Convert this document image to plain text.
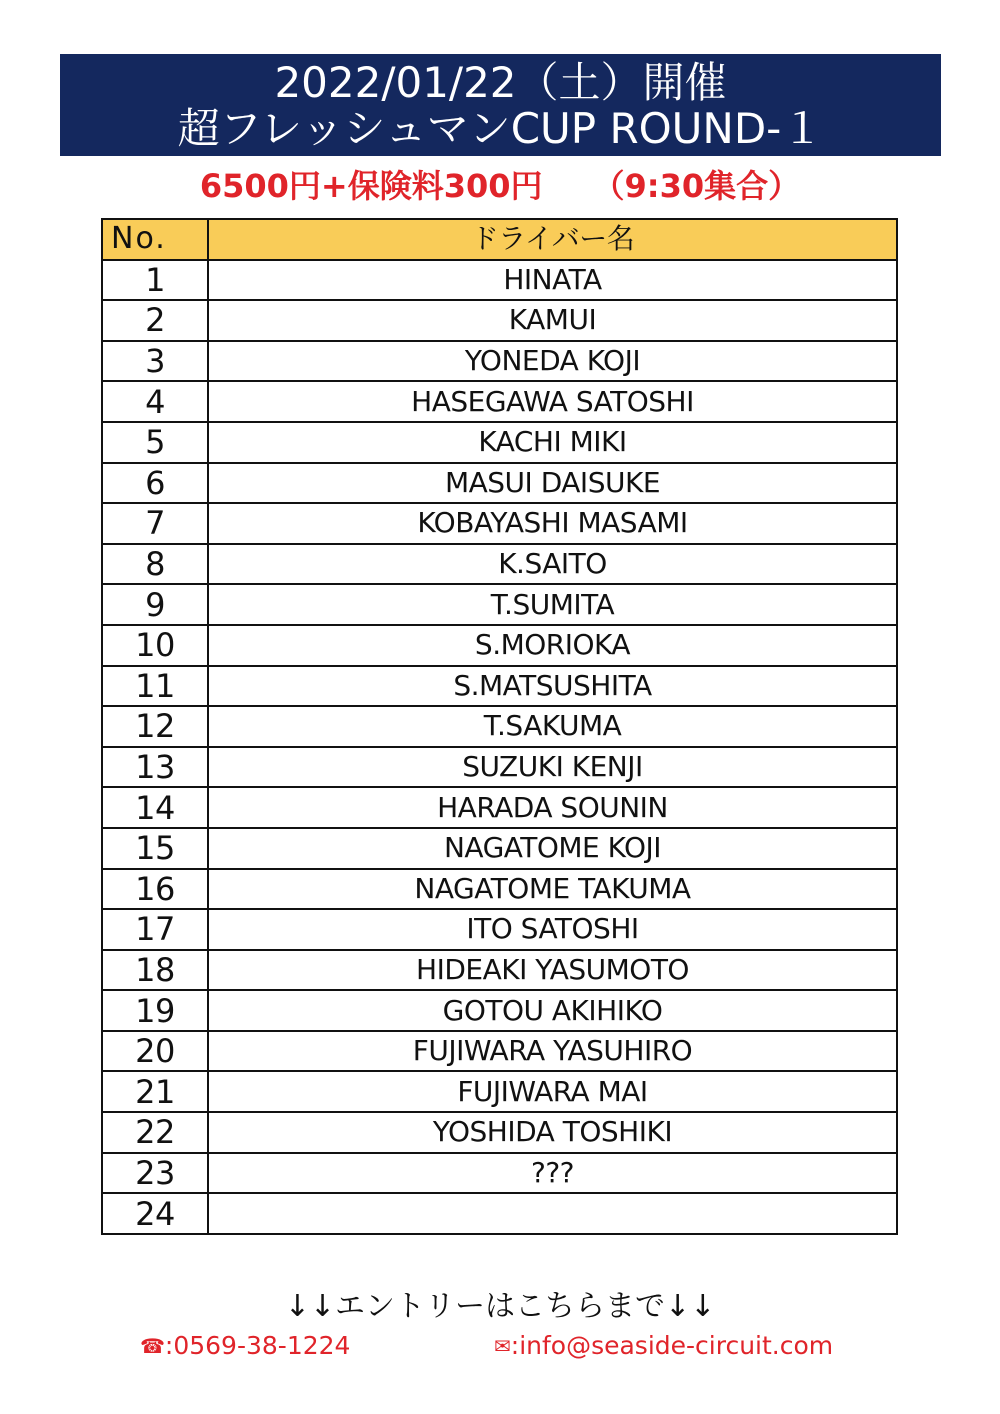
2022/01/22（土）開催
超フレッシュマンCUP ROUND-１
6500円+保険料300円 （9:30集合）
No.	ドライバー名
1	HINATA
2	KAMUI
3	YONEDA KOJI
4	HASEGAWA SATOSHI
5	KACHI MIKI
6	MASUI DAISUKE
7	KOBAYASHI MASAMI
8	K.SAITO
9	T.SUMITA
10	S.MORIOKA
11	S.MATSUSHITA
12	T.SAKUMA
13	SUZUKI KENJI
14	HARADA SOUNIN
15	NAGATOME KOJI
16	NAGATOME TAKUMA
17	ITO SATOSHI
18	HIDEAKI YASUMOTO
19	GOTOU AKIHIKO
20	FUJIWARA YASUHIRO
21	FUJIWARA MAI
22	YOSHIDA TOSHIKI
23	???
24	
↓↓エントリーはこちらまで↓↓
☎:0569-38-1224	✉:info@seaside-circuit.com
